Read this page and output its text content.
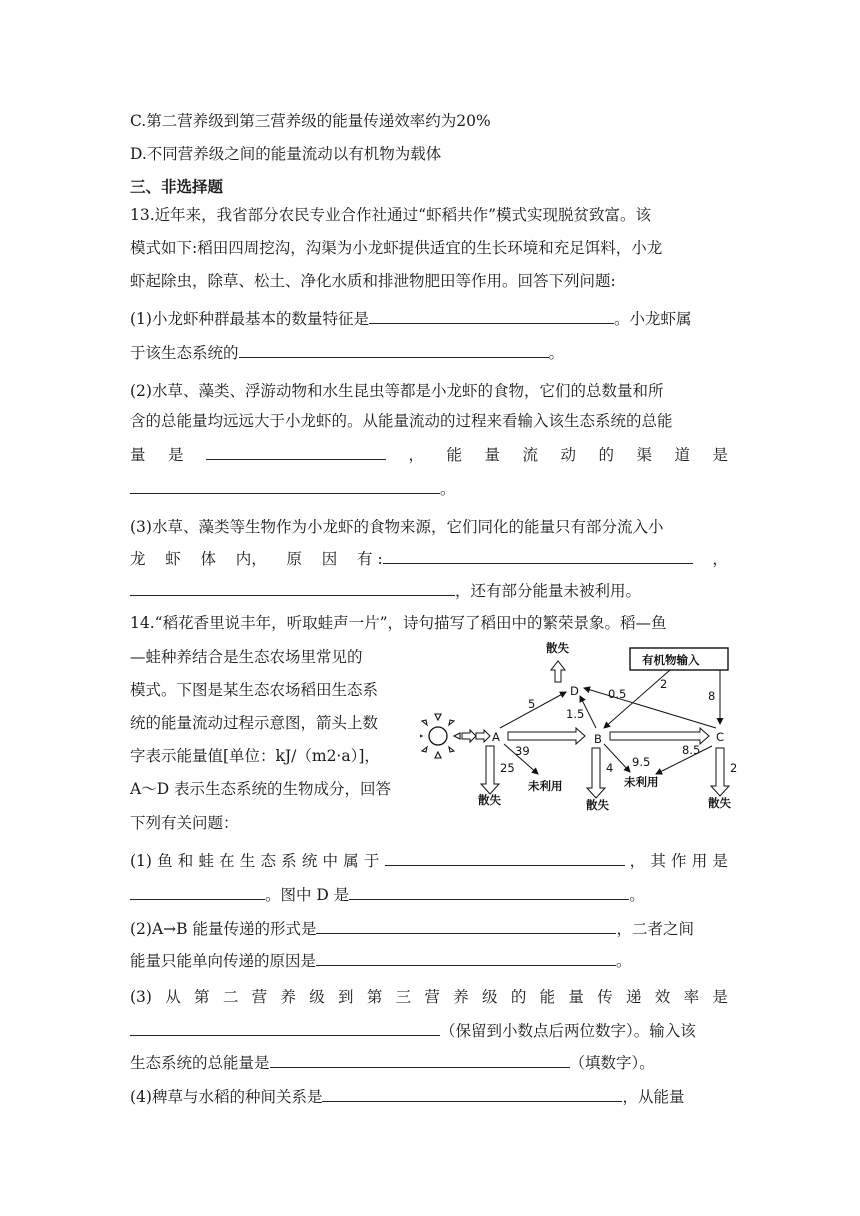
C.第二营养级到第三营养级的能量传递效率约为20%
D.不同营养级之间的能量流动以有机物为载体
三、非选择题
13.近年来，我省部分农民专业合作社通过“虾稻共作”模式实现脱贫致富。该
模式如下:稻田四周挖沟，沟渠为小龙虾提供适宜的生长环境和充足饵料，小龙
虾起除虫，除草、松土、净化水质和排泄物肥田等作用。回答下列问题:
(1)小龙虾种群最基本的数量特征是	。小龙虾属
于该生态系统的	。
(2)水草、藻类、浮游动物和水生昆虫等都是小龙虾的食物，它们的总数量和所
含的总能量均远远大于小龙虾的。从能量流动的过程来看输入该生态系统的总能
量 是	， 能 量 流 动 的 渠 道 是
。
(3)水草、藻类等生物作为小龙虾的食物来源，它们同化的能量只有部分流入小
龙 虾 体 内， 原 因 有 :	，
，还有部分能量未被利用。
14.“稻花香里说丰年，听取蛙声一片”，诗句描写了稻田中的繁荣景象。稻—鱼
—蛙种养结合是生态农场里常见的
模式。下图是某生态农场稻田生态系
统的能量流动过程示意图，箭头上数
字表示能量值[单位：kJ/（m2·a）]，
A～D 表示生态系统的生物成分，回答
下列有关问题：
A	B	C
D
散失
有机物输入
5
39
未利用
25
散失
1.5
2
0.5	8
9.5
8.5
未利用
4
散失
2
散失
(1) 鱼 和 蛙 在 生 态 系 统 中 属 于	， 其 作 用 是
。图中 D 是	。
(2)A→B 能量传递的形式是	，二者之间
能量只能单向传递的原因是	。
(3) 从 第 二 营 养 级 到 第 三 营 养 级 的 能 量 传 递 效 率 是
（保留到小数点后两位数字）。输入该
生态系统的总能量是	（填数字）。
(4)稗草与水稻的种间关系是	，从能量
